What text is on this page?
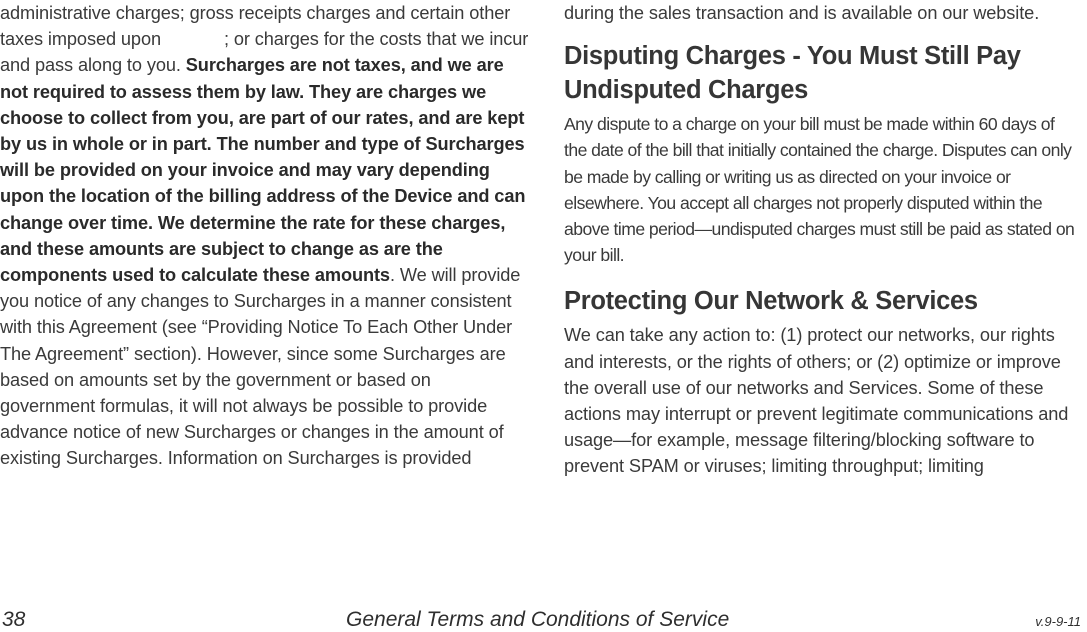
administrative charges; gross receipts charges and certain other taxes imposed upon	; or charges for the costs that we incur and pass along to you. Surcharges are not taxes, and we are not required to assess them by law. They are charges we choose to collect from you, are part of our rates, and are kept by us in whole or in part. The number and type of Surcharges will be provided on your invoice and may vary depending upon the location of the billing address of the Device and can change over time. We determine the rate for these charges, and these amounts are subject to change as are the components used to calculate these amounts. We will provide you notice of any changes to Surcharges in a manner consistent with this Agreement (see “Providing Notice To Each Other Under The Agreement” section). However, since some Surcharges are based on amounts set by the government or based on government formulas, it will not always be possible to provide advance notice of new Surcharges or changes in the amount of existing Surcharges. Information on Surcharges is provided

during the sales transaction and is available on our website.

Disputing Charges - You Must Still Pay Undisputed Charges

Any dispute to a charge on your bill must be made within 60 days of the date of the bill that initially contained the charge. Disputes can only be made by calling or writing us as directed on your invoice or elsewhere. You accept all charges not properly disputed within the above time period—undisputed charges must still be paid as stated on your bill.

Protecting Our Network & Services

We can take any action to: (1) protect our networks, our rights and interests, or the rights of others; or (2) optimize or improve the overall use of our networks and Services. Some of these actions may interrupt or prevent legitimate communications and usage—for example, message filtering/blocking software to prevent SPAM or viruses; limiting throughput; limiting

38	General Terms and Conditions of Service	v.9-9-11
